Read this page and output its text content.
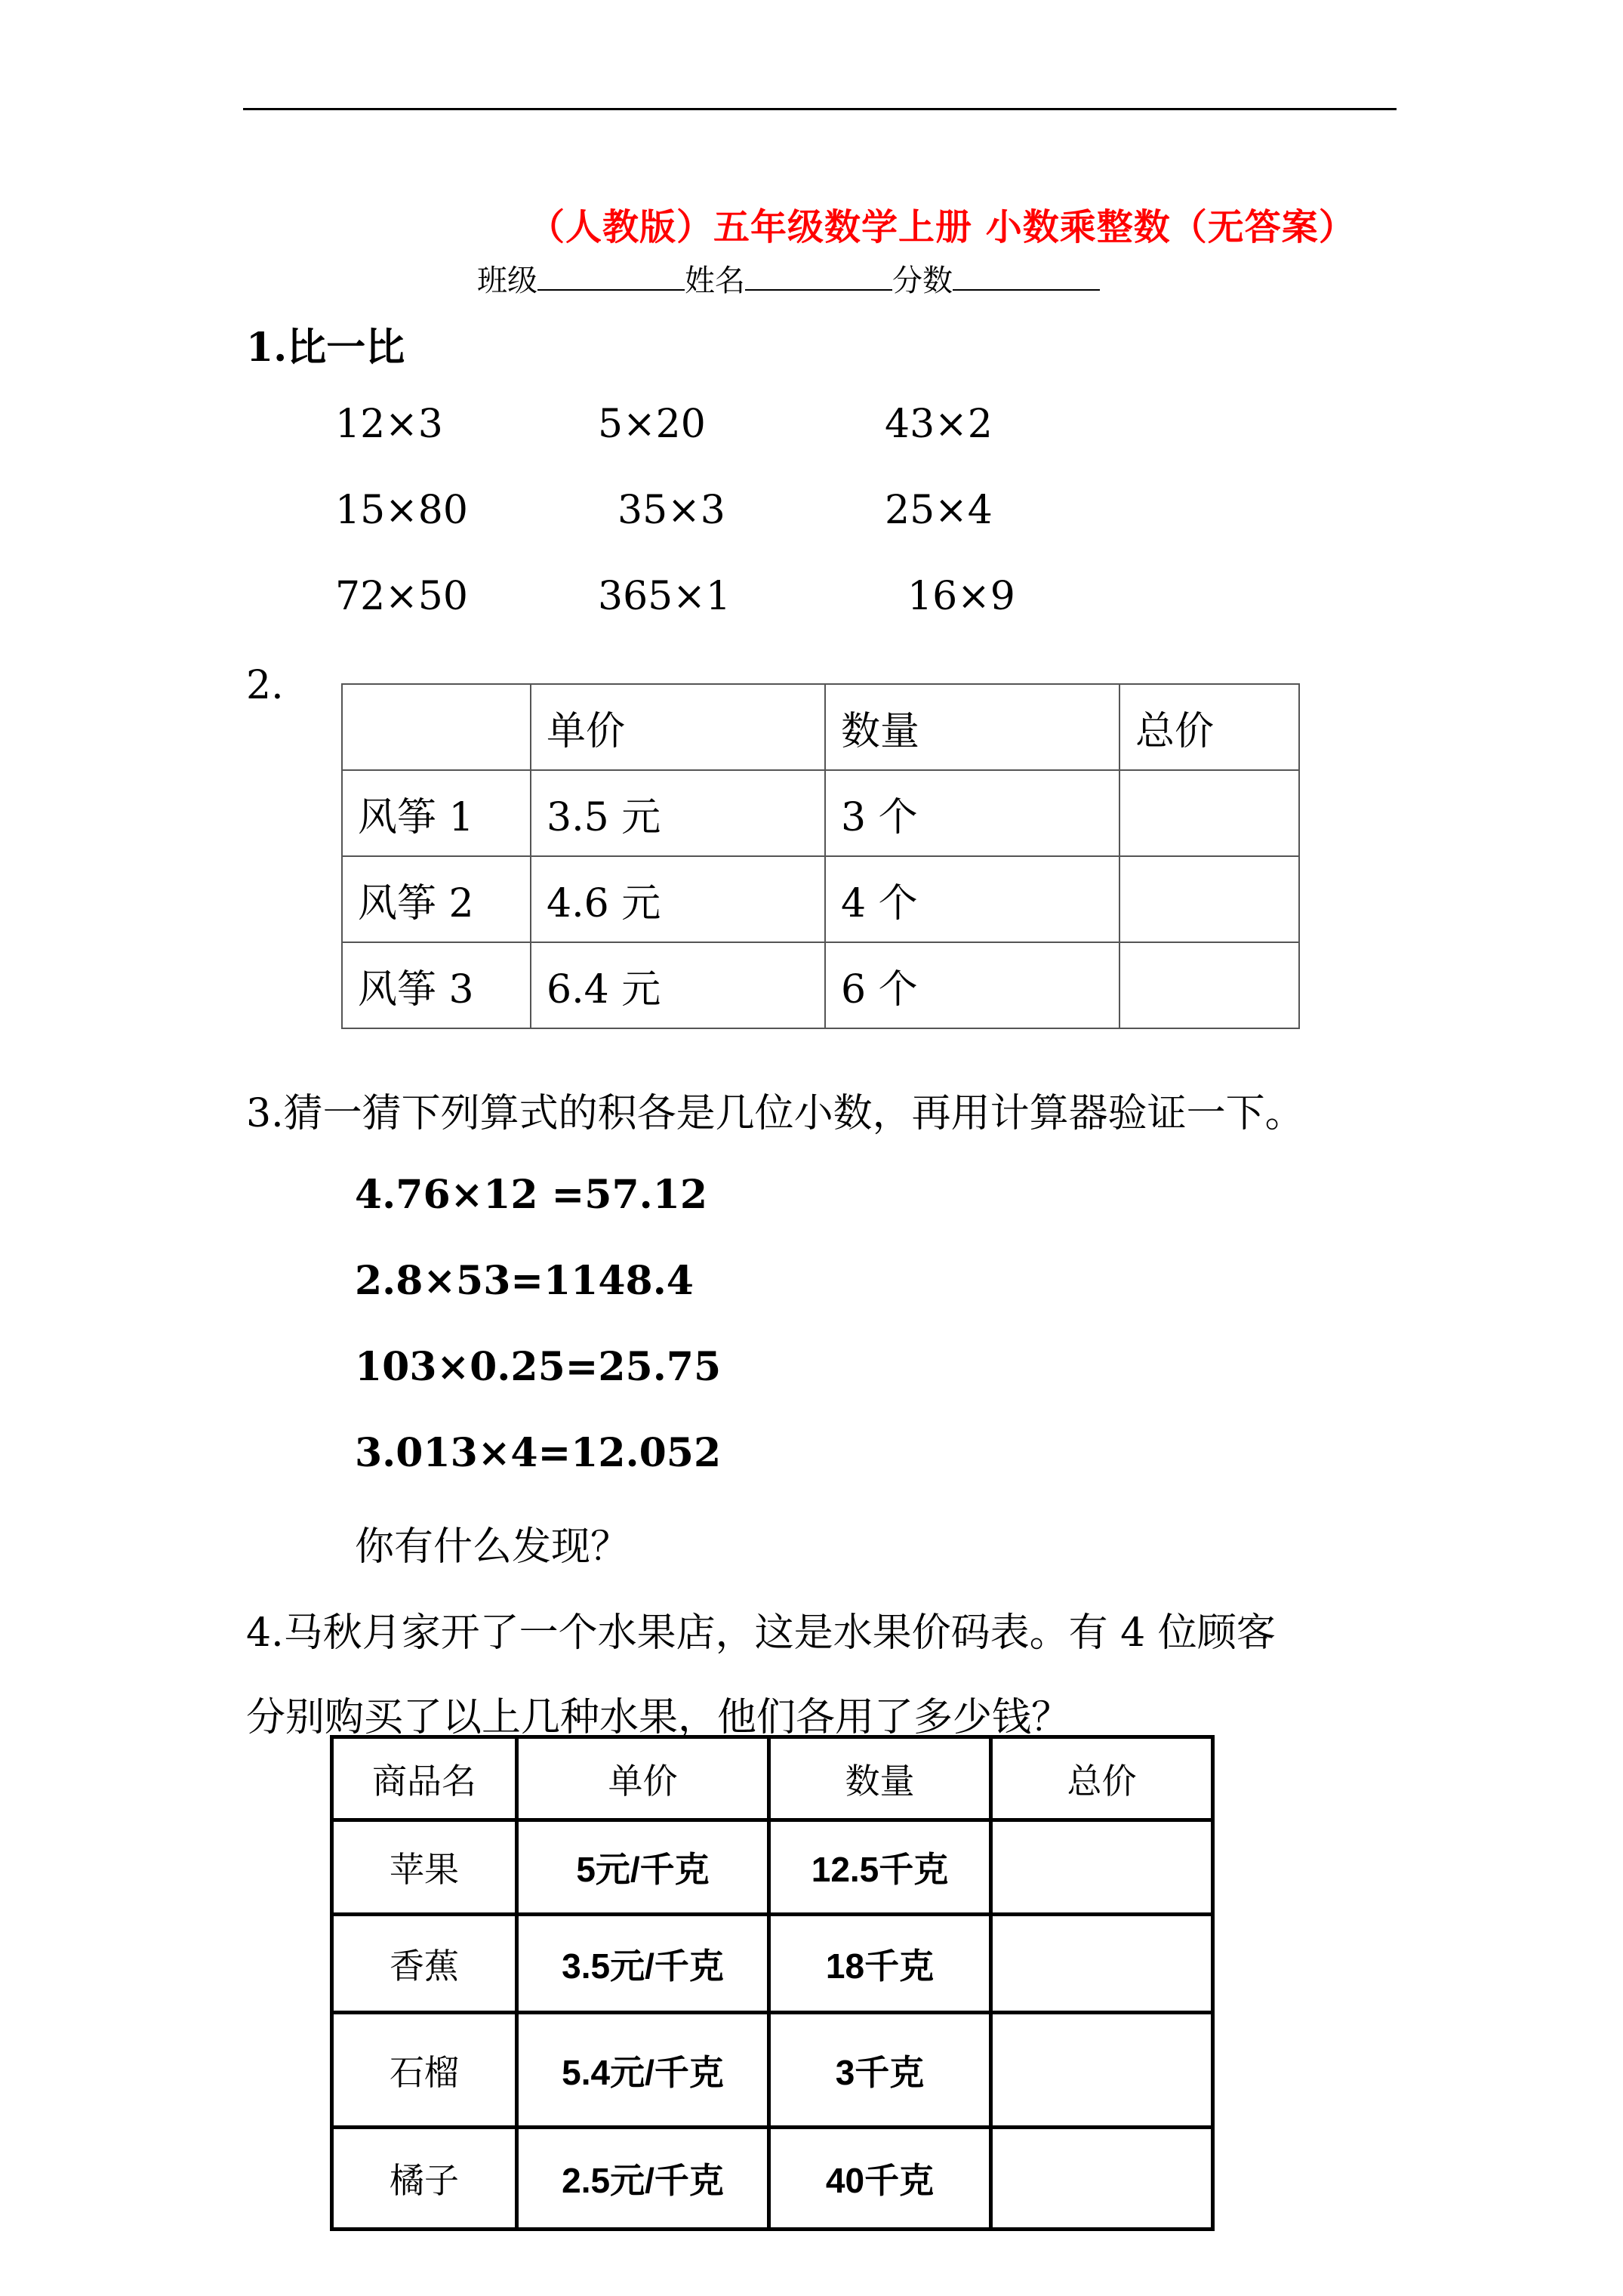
（人教版）五年级数学上册 小数乘整数（无答案）
班级	姓名	分数
1.比一比
12×3	5×20	43×2
15×80	35×3	25×4
72×50	365×1	16×9
2.
	单价	数量	总价
风筝 1	3.5 元	3 个	
风筝 2	4.6 元	4 个	
风筝 3	6.4 元	6 个	
3.猜一猜下列算式的积各是几位小数，再用计算器验证一下。
4.76×12 =57.12
2.8×53=1148.4
103×0.25=25.75
3.013×4=12.052
你有什么发现？
4.马秋月家开了一个水果店，这是水果价码表。有 4 位顾客
分别购买了以上几种水果，他们各用了多少钱？
商品名	单价	数量	总价
苹果	5元/千克	12.5千克	
香蕉	3.5元/千克	18千克	
石榴	5.4元/千克	3千克	
橘子	2.5元/千克	40千克	
